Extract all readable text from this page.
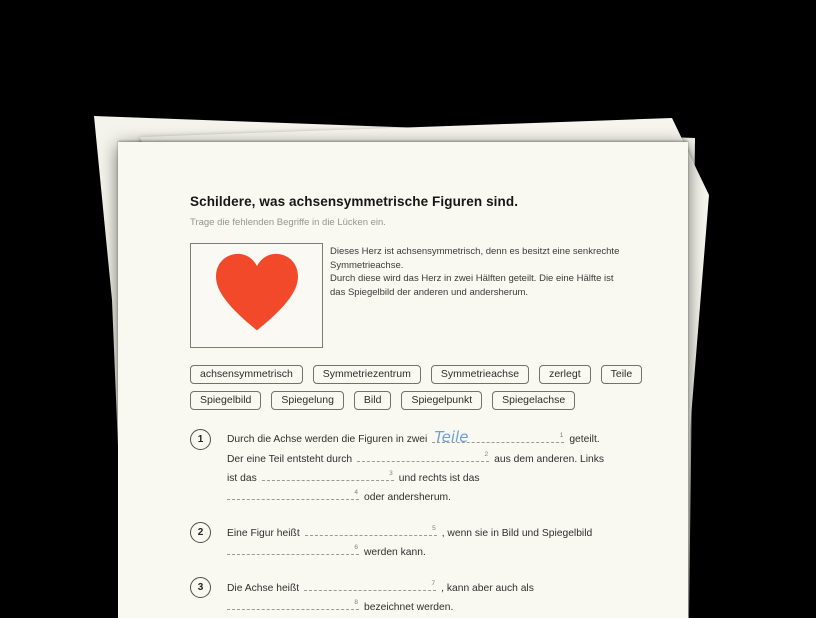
Schildere, was achsensymmetrische Figuren sind.

Trage die fehlenden Begriffe in die Lücken ein.

Dieses Herz ist achsensymmetrisch, denn es besitzt eine senkrechte Symmetrieachse.

Durch diese wird das Herz in zwei Hälften geteilt. Die eine Hälfte ist das Spiegelbild der anderen und andersherum.

achsensymmetrisch	Symmetriezentrum	Symmetrieachse	zerlegt	Teile
Spiegelbild	Spiegelung	Bild	Spiegelpunkt	Spiegelachse
1	Durch die Achse werden die Figuren in zwei Teile	1 geteilt.
Der eine Teil entsteht durch	2 aus dem anderen. Links
ist das	3 und rechts ist das
4 oder andersherum.
2	Eine Figur heißt	5 , wenn sie in Bild und Spiegelbild
6 werden kann.
3	Die Achse heißt	7 , kann aber auch als
8 bezeichnet werden.
